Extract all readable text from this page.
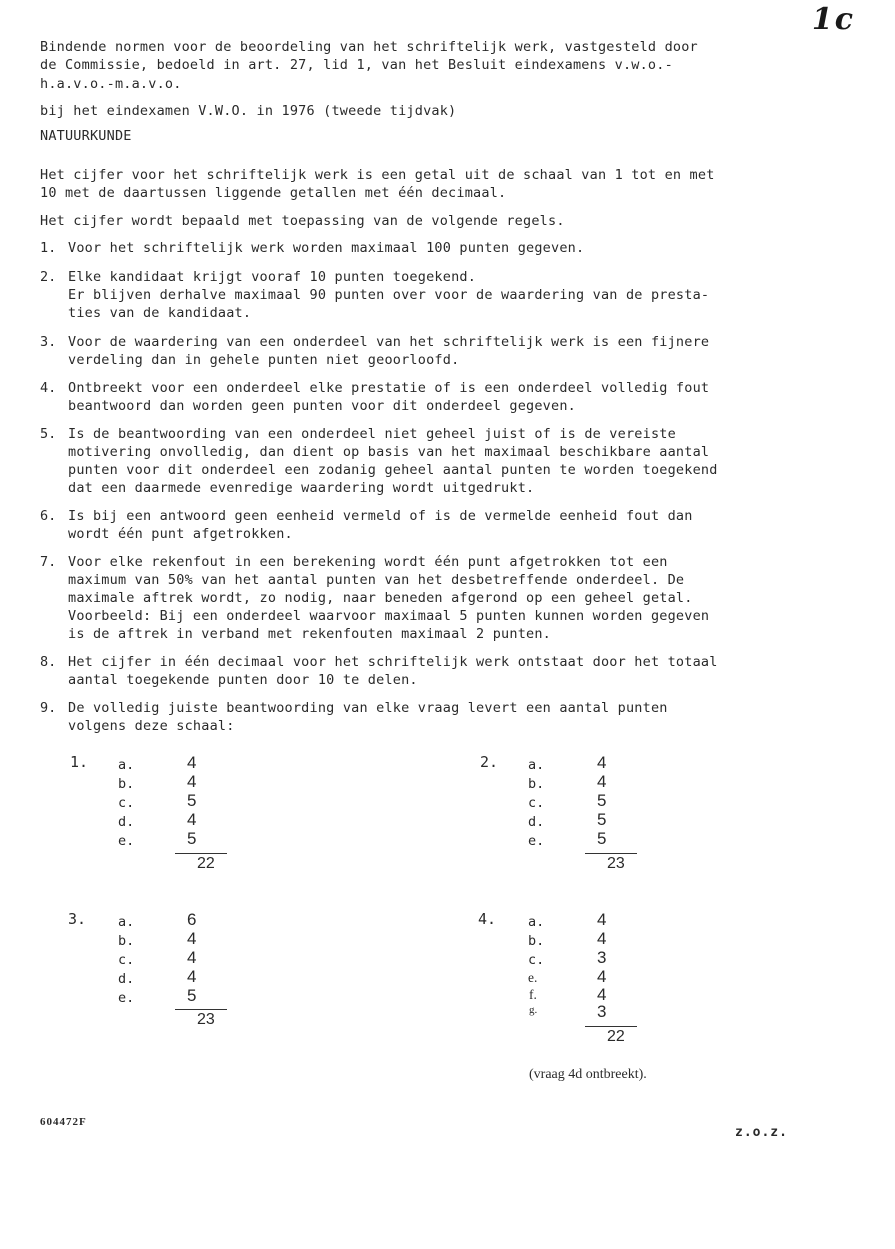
1c
Bindende normen voor de beoordeling van het schriftelijk werk, vastgesteld door
de Commissie, bedoeld in art. 27, lid 1, van het Besluit eindexamens v.w.o.-
h.a.v.o.-m.a.v.o.
bij het eindexamen V.W.O. in 1976 (tweede tijdvak)
NATUURKUNDE
Het cijfer voor het schriftelijk werk is een getal uit de schaal van 1 tot en met
10 met de daartussen liggende getallen met één decimaal.
Het cijfer wordt bepaald met toepassing van de volgende regels.
1. Voor het schriftelijk werk worden maximaal 100 punten gegeven.
2. Elke kandidaat krijgt vooraf 10 punten toegekend.
Er blijven derhalve maximaal 90 punten over voor de waardering van de presta-
ties van de kandidaat.
3. Voor de waardering van een onderdeel van het schriftelijk werk is een fijnere
verdeling dan in gehele punten niet geoorloofd.
4. Ontbreekt voor een onderdeel elke prestatie of is een onderdeel volledig fout
beantwoord dan worden geen punten voor dit onderdeel gegeven.
5. Is de beantwoording van een onderdeel niet geheel juist of is de vereiste
motivering onvolledig, dan dient op basis van het maximaal beschikbare aantal
punten voor dit onderdeel een zodanig geheel aantal punten te worden toegekend
dat een daarmede evenredige waardering wordt uitgedrukt.
6. Is bij een antwoord geen eenheid vermeld of is de vermelde eenheid fout dan
wordt één punt afgetrokken.
7. Voor elke rekenfout in een berekening wordt één punt afgetrokken tot een
maximum van 50% van het aantal punten van het desbetreffende onderdeel. De
maximale aftrek wordt, zo nodig, naar beneden afgerond op een geheel getal.
Voorbeeld: Bij een onderdeel waarvoor maximaal 5 punten kunnen worden gegeven
is de aftrek in verband met rekenfouten maximaal 2 punten.
8. Het cijfer in één decimaal voor het schriftelijk werk ontstaat door het totaal
aantal toegekende punten door 10 te delen.
9. De volledig juiste beantwoording van elke vraag levert een aantal punten
volgens deze schaal:
1. a.	4
b.	4
c.	5
d.	4
e.	5
22
2. a.	4
b.	4
c.	5
d.	5
e.	5
23
3. a.	6
b.	4
c.	4
d.	4
e.	5
23
4. a.	4
b.	4
c.	3
e.	4
f.	4
g.	3
22
(vraag 4d ontbreekt).
604472F
z.o.z.
